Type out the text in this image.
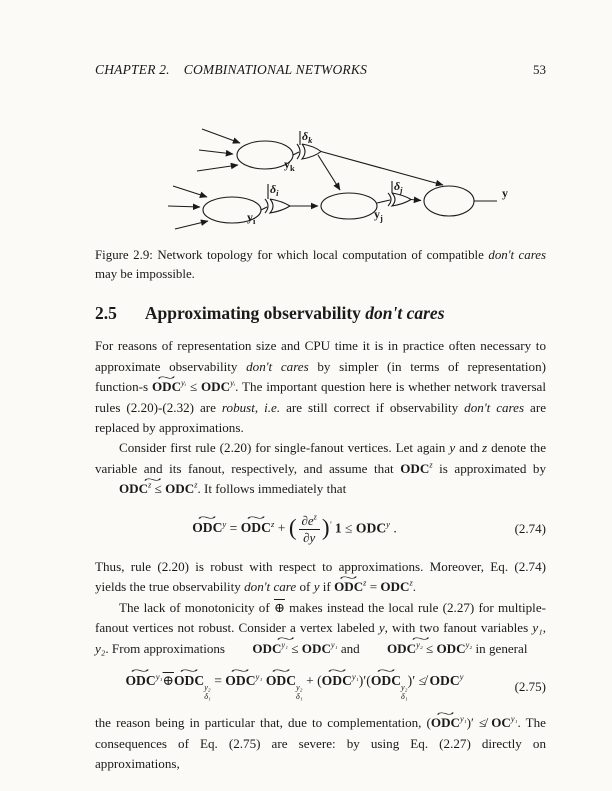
CHAPTER 2. COMBINATIONAL NETWORKS	53
$y_k$
$y_i$	$y_j$
y
$\delta_k$
$\delta_i$	$\delta_j$

Figure 2.9: Network topology for which local computation of compatible don't cares may be impossible.

2.5 Approximating observability don't cares

For reasons of representation size and CPU time it is in practice often necessary to approximate observability don't cares by simpler (in terms of representation) function-s ODC ~$^{yᵢ}$ ≤ $ODC^{yᵢ}$. The important question here is whether network traversal rules (2.20)-(2.32) are robust, i.e. are still correct if observability don't cares are replaced by approximations.

Consider first rule (2.20) for single-fanout vertices. Let again y and z denote the variable and its fanout, respectively, and assume that ODC$^z$ is approximated by ODC ~$^z$ ≤ $ODC^z$. It follows immediately that

ODC ~$^y$ = ODC ~$^z$ + ( $\frac{\partial e^z}{\partial y} )'$ $1 \le ODC^y$ .	(2.74)

Thus, rule (2.20) is robust with respect to approximations. Moreover, Eq. (2.74) yields the true observability don't care of y if ODC ~$^z$ = $ODC^z$.

The lack of monotonicity of ⊕ makes instead the local rule (2.27) for multiple-fanout vertices not robust. Consider a vertex labeled y, with two fanout variables y₁, y₂. From approximations ODC ~$^{y_1}$ ≤ $ODC^{y_1}$ and ODC ~$^{y_2}$ ≤ $ODC^{y_2}$ in general

ODC ~$^{y_1}$⊕ODC ~ y₂
δ₁
= ODC ~$^{y_1}$ ODC ~ y₂
δ₁
+ (ODC ~$^{y_1}$)′(ODC ~ y₂
δ₁
)′ ≰ ODC$^y$
(2.75)

the reason being in particular that, due to complementation, (ODC ~$^{y_1}$)′ ≰ $OC^{y_1}$. The consequences of Eq. (2.75) are severe: by using Eq. (2.27) directly on approximations,
